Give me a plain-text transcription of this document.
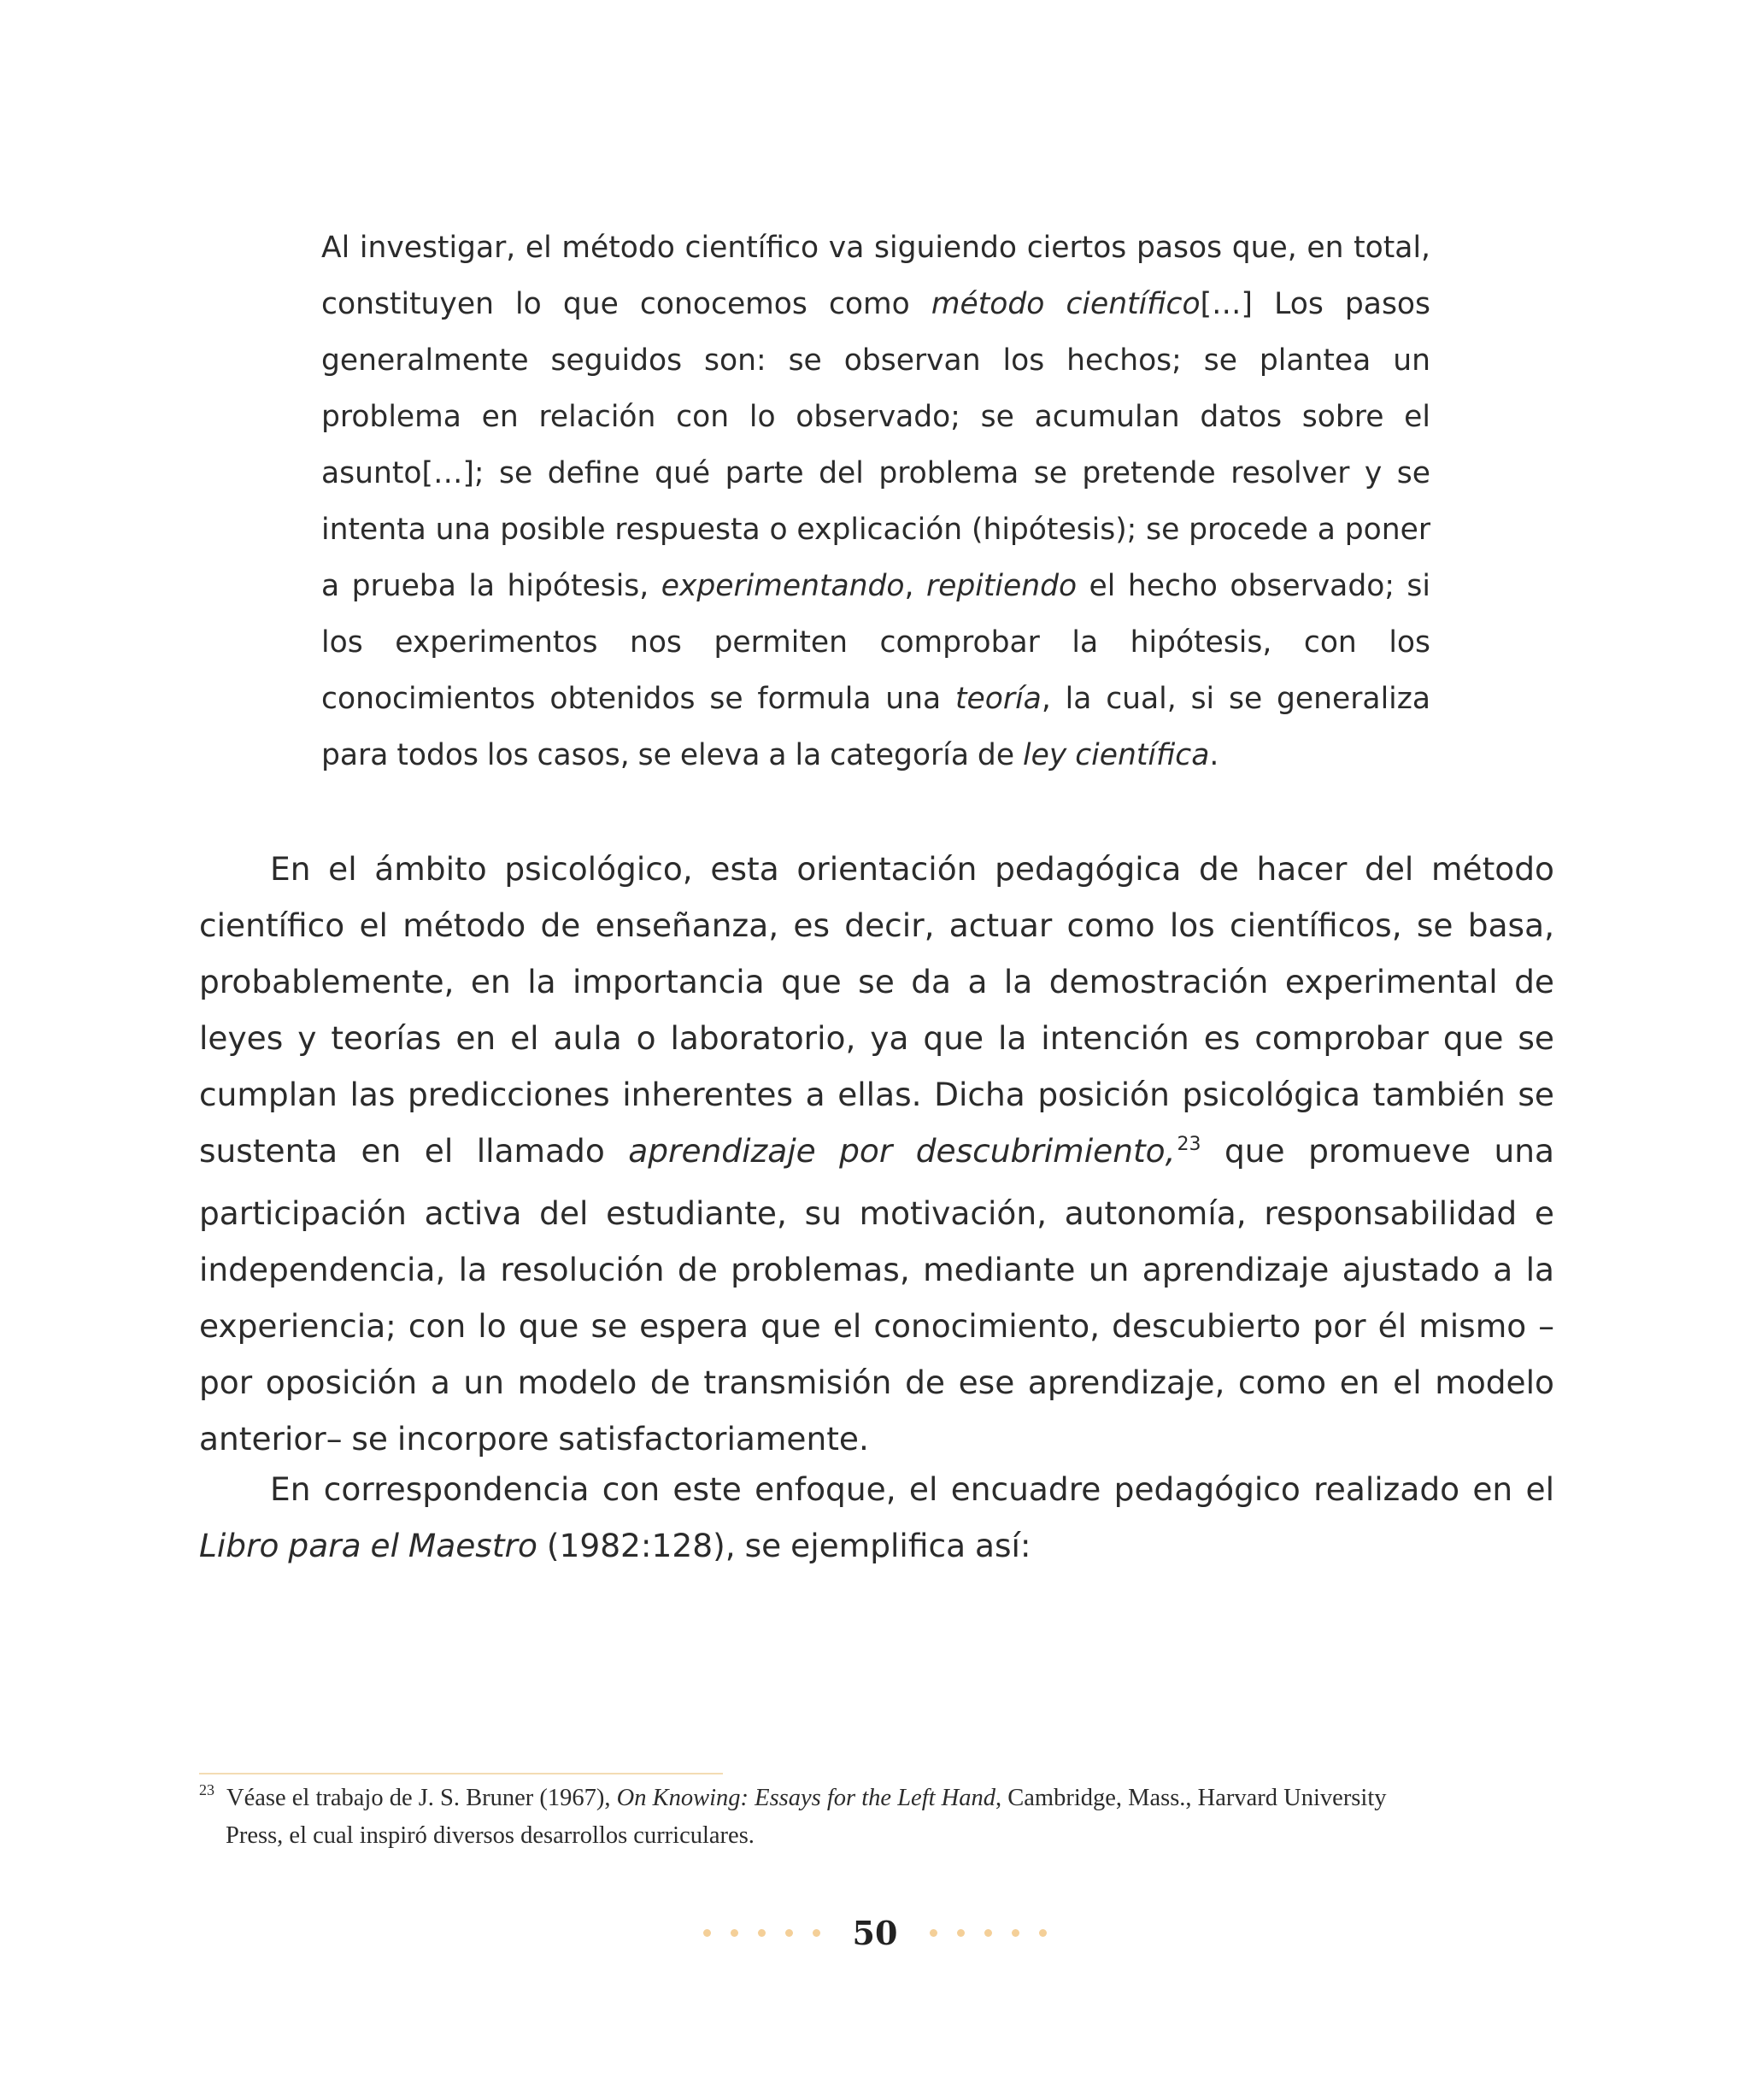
Al investigar, el método científico va siguiendo ciertos pasos que, en total, constituyen lo que conocemos como método científico[…] Los pasos generalmente seguidos son: se observan los hechos; se plantea un problema en relación con lo observado; se acumulan datos sobre el asunto[…]; se define qué parte del problema se pretende resolver y se intenta una posible respuesta o explicación (hipótesis); se procede a poner a prueba la hipótesis, experimentando, repitiendo el hecho observado; si los experimentos nos permiten comprobar la hipótesis, con los conocimientos obtenidos se formula una teoría, la cual, si se generaliza para todos los casos, se eleva a la categoría de ley científica.

En el ámbito psicológico, esta orientación pedagógica de hacer del método científico el método de enseñanza, es decir, actuar como los científicos, se basa, probablemente, en la importancia que se da a la demostración experimental de leyes y teorías en el aula o laboratorio, ya que la intención es comprobar que se cumplan las predicciones inherentes a ellas. Dicha posición psicológica también se sustenta en el llamado aprendizaje por descubrimiento,$^{23}$ que promueve una participación activa del estudiante, su motivación, autonomía, responsabilidad e independencia, la resolución de problemas, mediante un aprendizaje ajustado a la experiencia; con lo que se espera que el conocimiento, descubierto por él mismo –por oposición a un modelo de transmisión de ese aprendizaje, como en el modelo anterior– se incorpore satisfactoriamente.

En correspondencia con este enfoque, el encuadre pedagógico realizado en el Libro para el Maestro (1982:128), se ejemplifica así:

$^{23}$ Véase el trabajo de J. S. Bruner (1967), On Knowing: Essays for the Left Hand, Cambridge, Mass., Harvard University
Press, el cual inspiró diversos desarrollos curriculares.

50
